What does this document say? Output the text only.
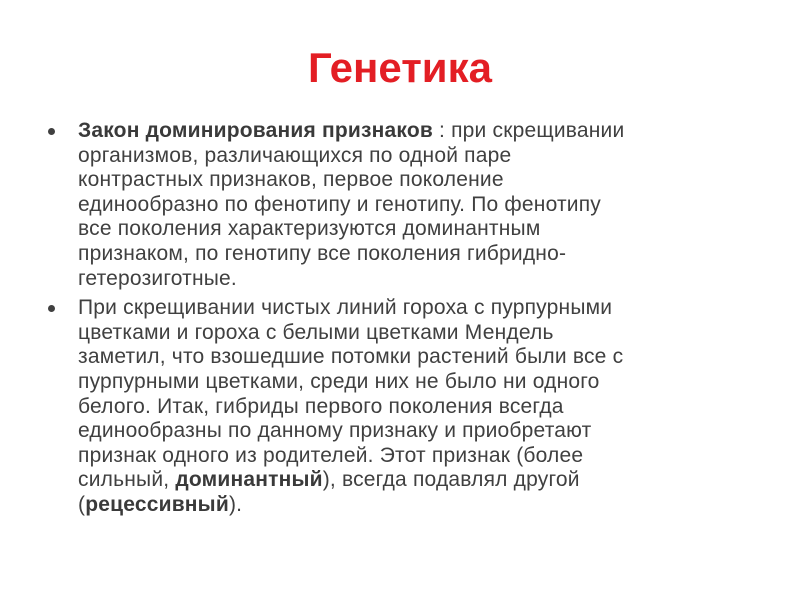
Генетика
Закон доминирования признаков : при скрещивании
организмов, различающихся по одной паре
контрастных признаков, первое поколение
единообразно по фенотипу и генотипу. По фенотипу
все поколения характеризуются доминантным
признаком, по генотипу все поколения гибридно-
гетерозиготные.
При скрещивании чистых линий гороха с пурпурными
цветками и гороха с белыми цветками Мендель
заметил, что взошедшие потомки растений были все с
пурпурными цветками, среди них не было ни одного
белого. Итак, гибриды первого поколения всегда
единообразны по данному признаку и приобретают
признак одного из родителей. Этот признак (более
сильный, доминантный), всегда подавлял другой
(рецессивный).
